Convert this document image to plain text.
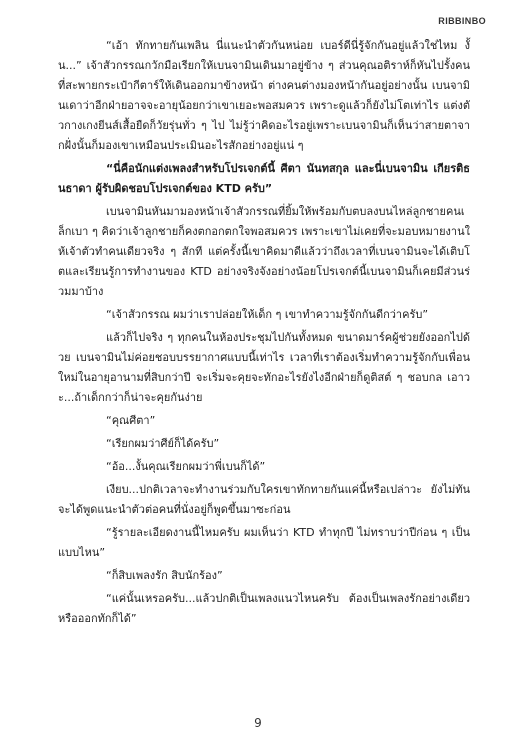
RIBBINBO

“เอ้า ทักทายกันเพลิน นี่แนะนำตัวกันหน่อย เบอร์ดีนี่รู้จักกันอยู่แล้วใช่ไหม งั้น...” เจ้าสัวกรรณกวักมือเรียกให้เบนจามินเดินมาอยู่ข้าง ๆ ส่วนคุณอติราห์ก็หันไปรั้งคนที่สะพายกระเป๋ากีตาร์ให้เดินออกมาข้างหน้า ต่างคนต่างมองหน้ากันอยู่อย่างนั้น เบนจามินเดาว่าอีกฝ่ายอาจจะอายุน้อยกว่าเขาเยอะพอสมควร เพราะดูแล้วก็ยังไม่โตเท่าไร แต่งตัวกางเกงยีนส์เสื้อยืดก็วัยรุ่นทั่ว ๆ ไป ไม่รู้ว่าคิดอะไรอยู่เพราะเบนจามินก็เห็นว่าสายตาจากฝั่งนั้นก็มองเขาเหมือนประเมินอะไรสักอย่างอยู่แน่ ๆ

“นี่คือนักแต่งเพลงสำหรับโปรเจกต์นี้ ศีตา นันทสกุล และนี่เบนจามิน เกียรติธนธาดา ผู้รับผิดชอบโปรเจกต์ของ KTD ครับ”

เบนจามินหันมามองหน้าเจ้าสัวกรรณที่ยิ้มให้พร้อมกับตบลงบนไหล่ลูกชายคนเล็กเบา ๆ คิดว่าเจ้าลูกชายก็คงตกอกตกใจพอสมควร เพราะเขาไม่เคยที่จะมอบหมายงานให้เจ้าตัวทำคนเดียวจริง ๆ สักที แต่ครั้งนี้เขาคิดมาดีแล้วว่าถึงเวลาที่เบนจามินจะได้เติบโตและเรียนรู้การทำงานของ KTD อย่างจริงจังอย่างน้อยโปรเจกต์นี้เบนจามินก็เคยมีส่วนร่วมมาบ้าง

“เจ้าสัวกรรณ ผมว่าเราปล่อยให้เด็ก ๆ เขาทำความรู้จักกันดีกว่าครับ”

แล้วก็ไปจริง ๆ ทุกคนในห้องประชุมไปกันทั้งหมด ขนาดมาร์คผู้ช่วยยังออกไปด้วย เบนจามินไม่ค่อยชอบบรรยากาศแบบนี้เท่าไร เวลาที่เราต้องเริ่มทำความรู้จักกับเพื่อนใหม่ในอายุอานามที่สิบกว่าปี จะเริ่มจะคุยจะทักอะไรยังไงอีกฝ่ายก็ดูติสต์ ๆ ชอบกล เอาวะ...ถ้าเด็กกว่าก็น่าจะคุยกันง่าย

“คุณศีตา”

“เรียกผมว่าศีย์ก็ได้ครับ”

“อ้อ...งั้นคุณเรียกผมว่าพี่เบนก็ได้”

เงียบ...ปกติเวลาจะทำงานร่วมกับใครเขาทักทายกันแค่นี้หรือเปล่าวะ ยังไม่ทันจะได้พูดแนะนำตัวต่อคนที่นั่งอยู่ก็พูดขึ้นมาซะก่อน

“รู้รายละเอียดงานนี้ไหมครับ ผมเห็นว่า KTD ทำทุกปี ไม่ทราบว่าปีก่อน ๆ เป็นแบบไหน”

“ก็สิบเพลงรัก สิบนักร้อง”

“แค่นั้นเหรอครับ...แล้วปกติเป็นเพลงแนวไหนครับ ต้องเป็นเพลงรักอย่างเดียวหรือออกทักก็ได้”

9
